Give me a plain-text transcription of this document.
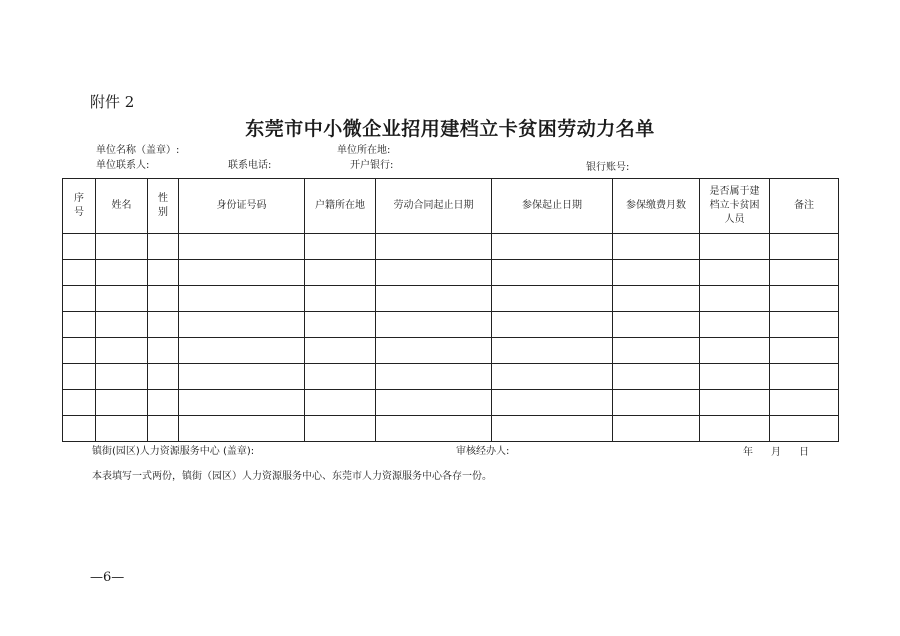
附件 2
东莞市中小微企业招用建档立卡贫困劳动力名单
单位名称（盖章）:	单位所在地:
单位联系人:	联系电话:	开户银行:	银行账号:
序号	姓名	性别	身份证号码	户籍所在地	劳动合同起止日期	参保起止日期	参保缴费月数	是否属于建档立卡贫困人员	备注

镇街(园区)人力资源服务中心 (盖章):	审核经办人:	年 月 日
本表填写一式两份，镇街（园区）人力资源服务中心、东莞市人力资源服务中心各存一份。
—6—
